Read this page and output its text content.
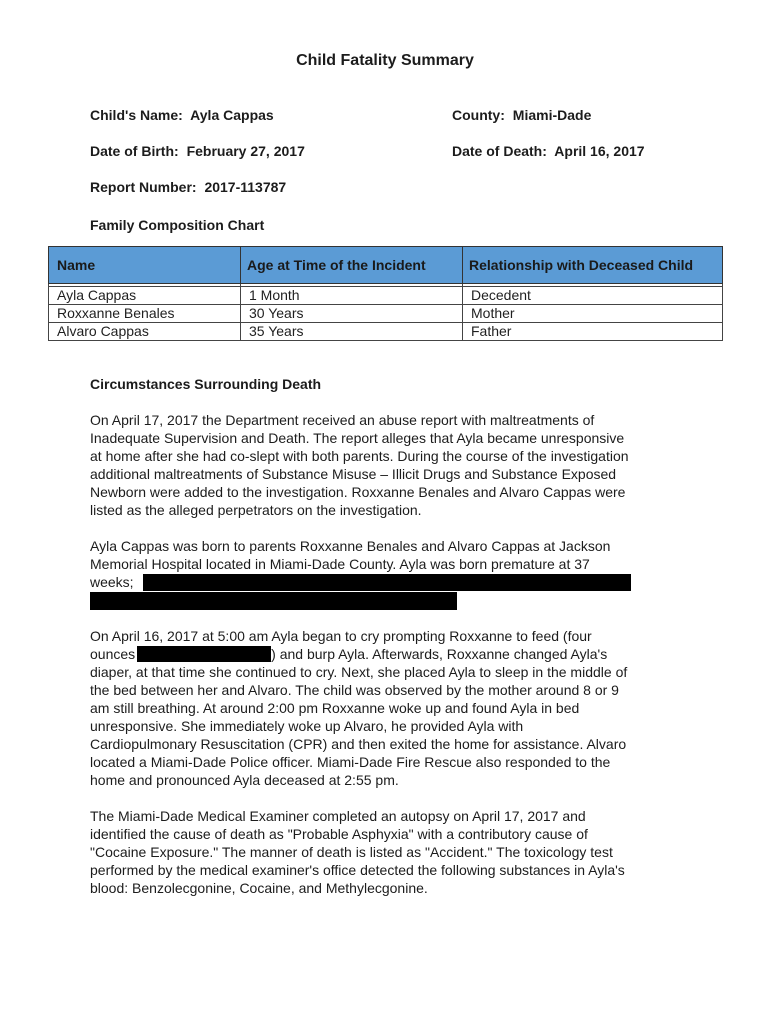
Child Fatality Summary
Child's Name: Ayla Cappas	County: Miami-Dade
Date of Birth: February 27, 2017	Date of Death: April 16, 2017
Report Number: 2017-113787
Family Composition Chart
Name	Age at Time of the Incident	Relationship with Deceased Child

Ayla Cappas	1 Month	Decedent
Roxxanne Benales	30 Years	Mother
Alvaro Cappas	35 Years	Father
Circumstances Surrounding Death

On April 17, 2017 the Department received an abuse report with maltreatments of

Inadequate Supervision and Death. The report alleges that Ayla became unresponsive

at home after she had co-slept with both parents. During the course of the investigation

additional maltreatments of Substance Misuse – Illicit Drugs and Substance Exposed

Newborn were added to the investigation. Roxxanne Benales and Alvaro Cappas were

listed as the alleged perpetrators on the investigation.

Ayla Cappas was born to parents Roxxanne Benales and Alvaro Cappas at Jackson

Memorial Hospital located in Miami-Dade County. Ayla was born premature at 37

weeks;

On April 16, 2017 at 5:00 am Ayla began to cry prompting Roxxanne to feed (four

ounces	) and burp Ayla. Afterwards, Roxxanne changed Ayla's

diaper, at that time she continued to cry. Next, she placed Ayla to sleep in the middle of

the bed between her and Alvaro. The child was observed by the mother around 8 or 9

am still breathing. At around 2:00 pm Roxxanne woke up and found Ayla in bed

unresponsive. She immediately woke up Alvaro, he provided Ayla with

Cardiopulmonary Resuscitation (CPR) and then exited the home for assistance. Alvaro

located a Miami-Dade Police officer. Miami-Dade Fire Rescue also responded to the

home and pronounced Ayla deceased at 2:55 pm.

The Miami-Dade Medical Examiner completed an autopsy on April 17, 2017 and

identified the cause of death as "Probable Asphyxia" with a contributory cause of

"Cocaine Exposure." The manner of death is listed as "Accident." The toxicology test

performed by the medical examiner's office detected the following substances in Ayla's

blood: Benzolecgonine, Cocaine, and Methylecgonine.
